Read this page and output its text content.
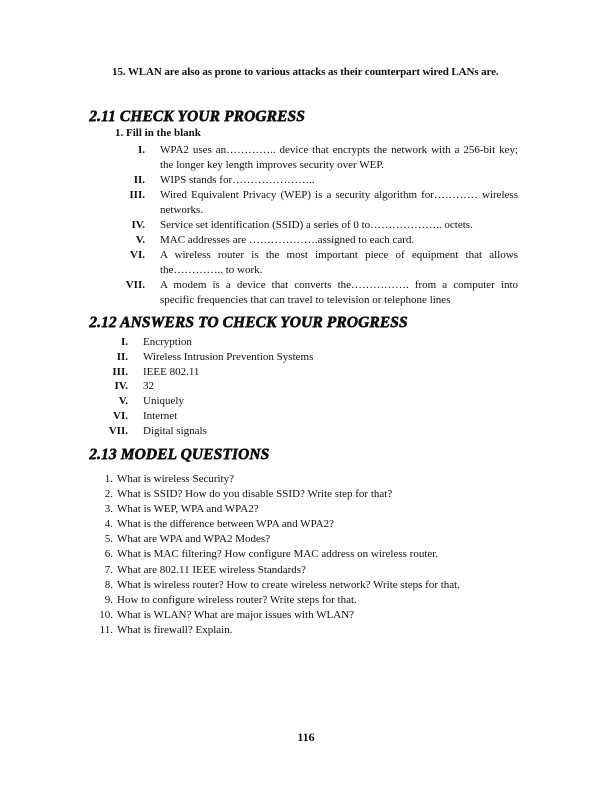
15. WLAN are also as prone to various attacks as their counterpart wired LANs are.
2.11 CHECK YOUR PROGRESS
1. Fill in the blank
I. WPA2 uses an………….. device that encrypts the network with a 256-bit key; the longer key length improves security over WEP.
II. WIPS stands for…………………..
III. Wired Equivalent Privacy (WEP) is a security algorithm for………… wireless networks.
IV. Service set identification (SSID) a series of 0 to……………….. octets.
V. MAC addresses are ……………….assigned to each card.
VI. A wireless router is the most important piece of equipment that allows the………….. to work.
VII. A modem is a device that converts the……………. from a computer into specific frequencies that can travel to television or telephone lines
2.12 ANSWERS TO CHECK YOUR PROGRESS
I. Encryption
II. Wireless Intrusion Prevention Systems
III. IEEE 802.11
IV. 32
V. Uniquely
VI. Internet
VII. Digital signals
2.13 MODEL QUESTIONS
1. What is wireless Security?
2. What is SSID? How do you disable SSID? Write step for that?
3. What is WEP, WPA and WPA2?
4. What is the difference between WPA and WPA2?
5. What are WPA and WPA2 Modes?
6. What is MAC filtering? How configure MAC address on wireless router.
7. What are 802.11 IEEE wireless Standards?
8. What is wireless router? How to create wireless network? Write steps for that.
9. How to configure wireless router? Write steps for that.
10. What is WLAN? What are major issues with WLAN?
11. What is firewall? Explain.
116
